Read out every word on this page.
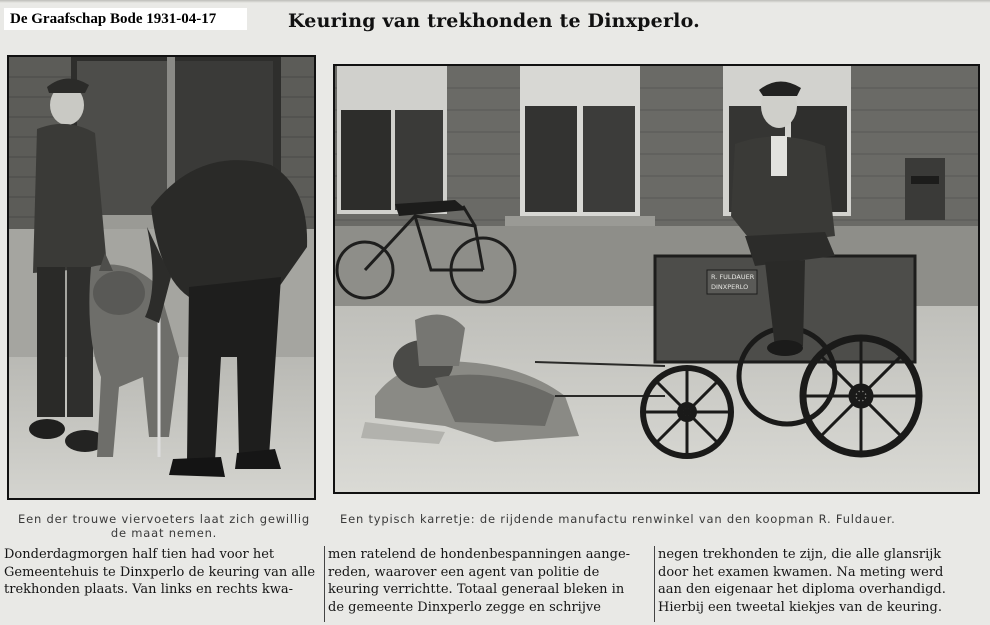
De Graafschap Bode 1931-04-17	Keuring van trekhonden te Dinxperlo.
R. FULDAUER
DINXPERLO
Een der trouwe viervoeters laat zich gewillig
de maat nemen.
Een typisch karretje: de rijdende manufactu renwinkel van den koopman R. Fuldauer.
Donderdagmorgen half tien had voor het
Gemeentehuis te Dinxperlo de keuring van alle
trekhonden plaats. Van links en rechts kwa-
men ratelend de hondenbespanningen aange-
reden, waarover een agent van politie de
keuring verrichtte. Totaal generaal bleken in
de gemeente Dinxperlo zegge en schrijve
negen trekhonden te zijn, die alle glansrijk
door het examen kwamen. Na meting werd
aan den eigenaar het diploma overhandigd.
Hierbij een tweetal kiekjes van de keuring.
